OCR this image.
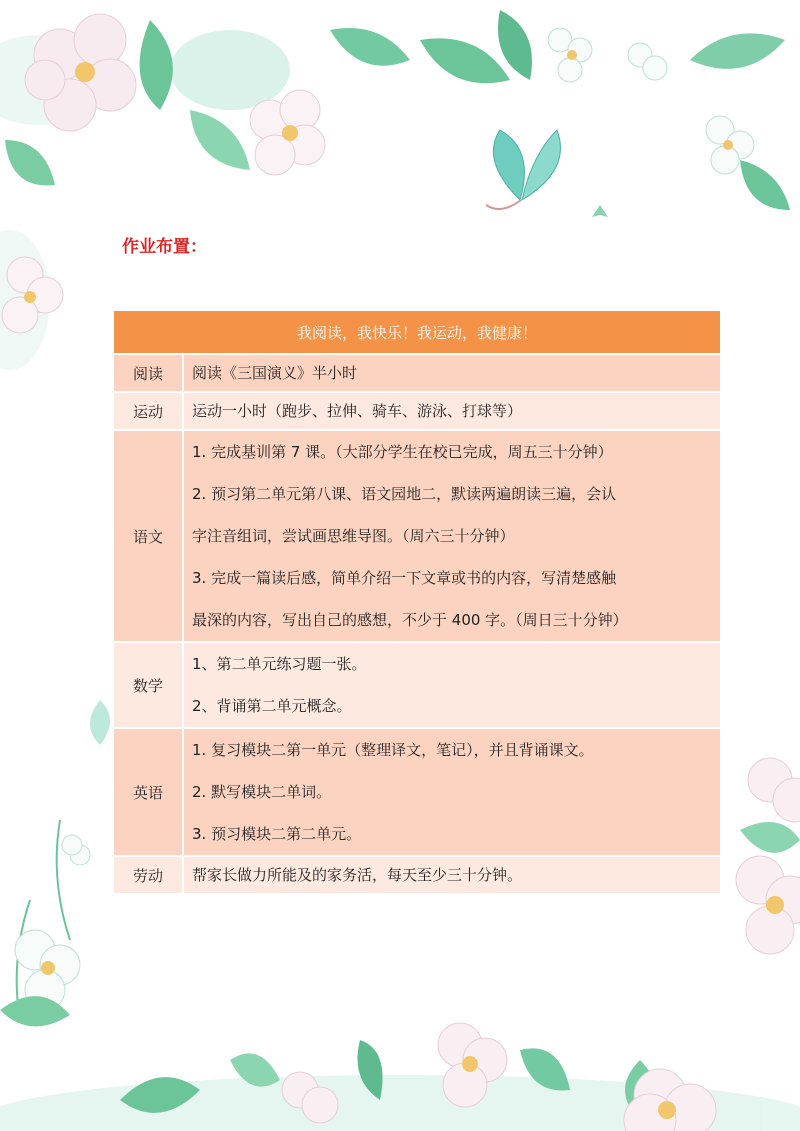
作业布置：
我阅读，我快乐！我运动，我健康！	
阅读	阅读《三国演义》半小时

运动	运动一小时（跑步、拉伸、骑车、游泳、打球等）

语文	1. 完成基训第 7 课。（大部分学生在校已完成，周五三十分钟）
2. 预习第二单元第八课、语文园地二，默读两遍朗读三遍，会认
字注音组词，尝试画思维导图。（周六三十分钟）
3. 完成一篇读后感，简单介绍一下文章或书的内容，写清楚感触
最深的内容，写出自己的感想，不少于 400 字。（周日三十分钟）

数学	1、第二单元练习题一张。
2、背诵第二单元概念。

英语	1. 复习模块二第一单元（整理译文，笔记），并且背诵课文。
2. 默写模块二单词。
3. 预习模块二第二单元。

劳动	帮家长做力所能及的家务活，每天至少三十分钟。
